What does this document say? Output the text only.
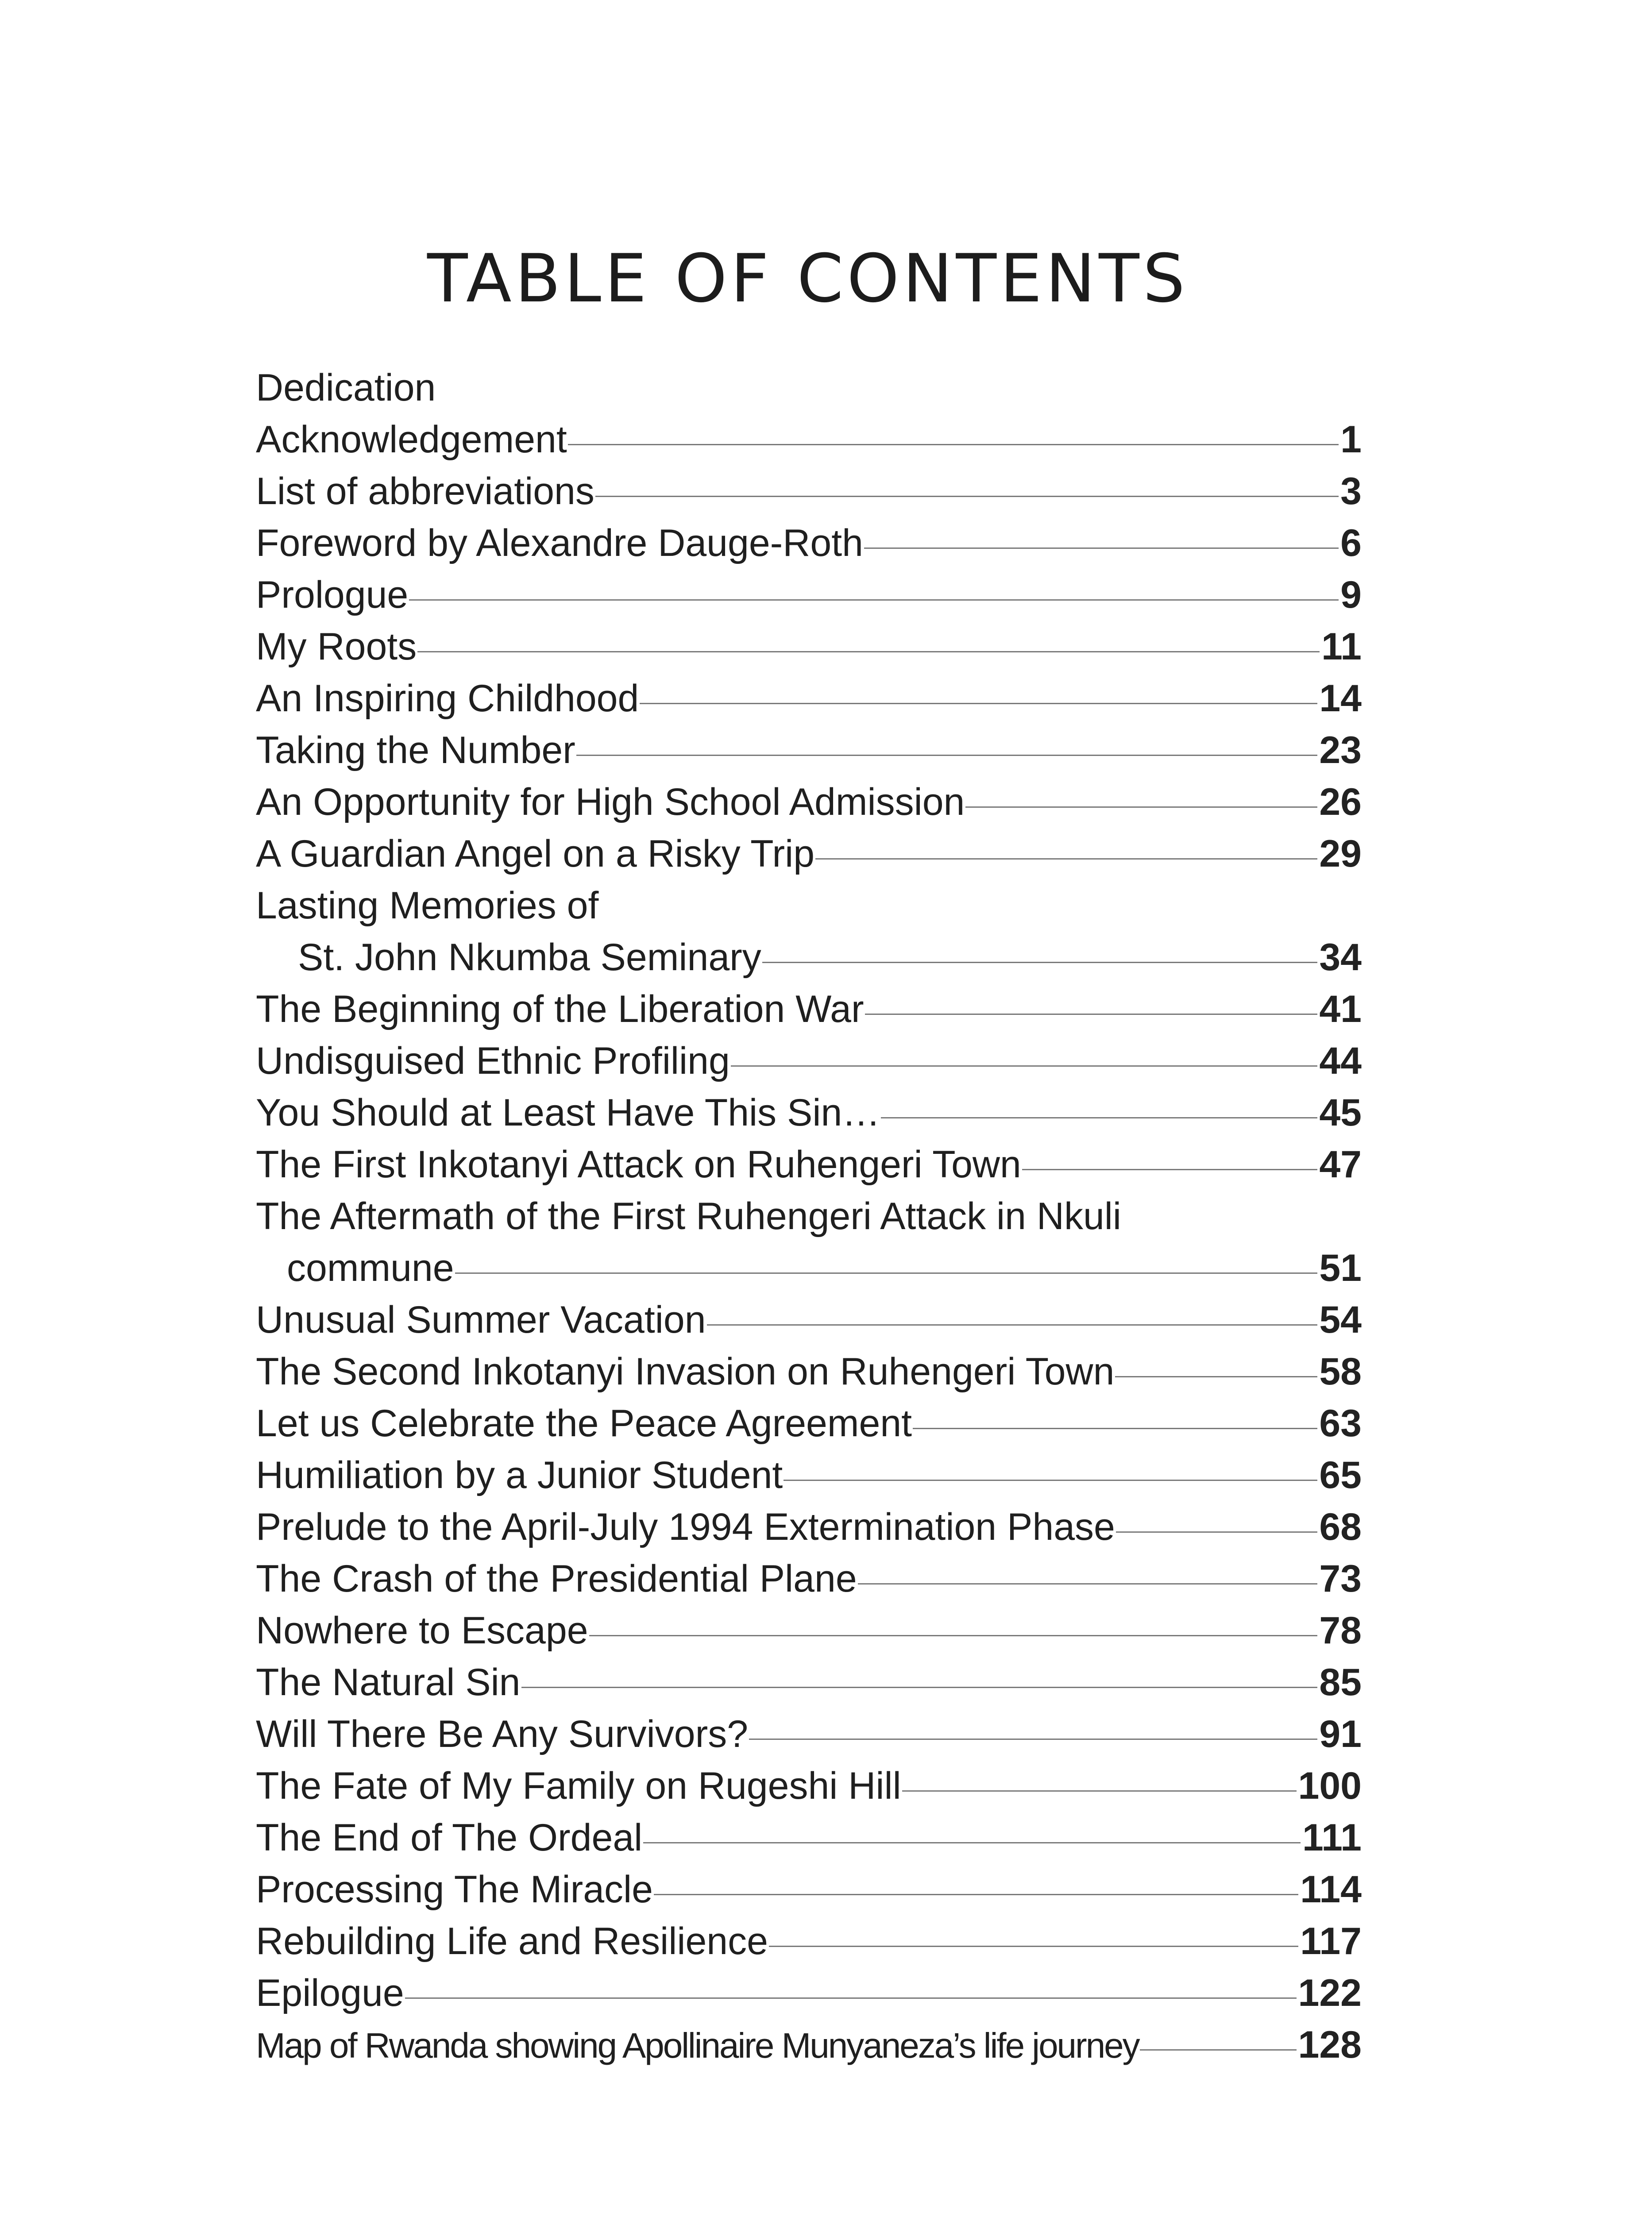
TABLE OF CONTENTS
Dedication
Acknowledgement	1
List of abbreviations	3
Foreword by Alexandre Dauge-Roth	6
Prologue	9
My Roots	11
An Inspiring Childhood	14
Taking the Number	23
An Opportunity for High School Admission	26
A Guardian Angel on a Risky Trip	29
Lasting Memories of
St. John Nkumba Seminary	34
The Beginning of the Liberation War	41
Undisguised Ethnic Profiling	44
You Should at Least Have This Sin…	45
The First Inkotanyi Attack on Ruhengeri Town	47
The Aftermath of the First Ruhengeri Attack in Nkuli
commune	51
Unusual Summer Vacation	54
The Second Inkotanyi Invasion on Ruhengeri Town	58
Let us Celebrate the Peace Agreement	63
Humiliation by a Junior Student	65
Prelude to the April-July 1994 Extermination Phase	68
The Crash of the Presidential Plane	73
Nowhere to Escape	78
The Natural Sin	85
Will There Be Any Survivors?	91
The Fate of My Family on Rugeshi Hill	100
The End of The Ordeal	111
Processing The Miracle	114
Rebuilding Life and Resilience	117
Epilogue	122
Map of Rwanda showing Apollinaire Munyaneza’s life journey	128
